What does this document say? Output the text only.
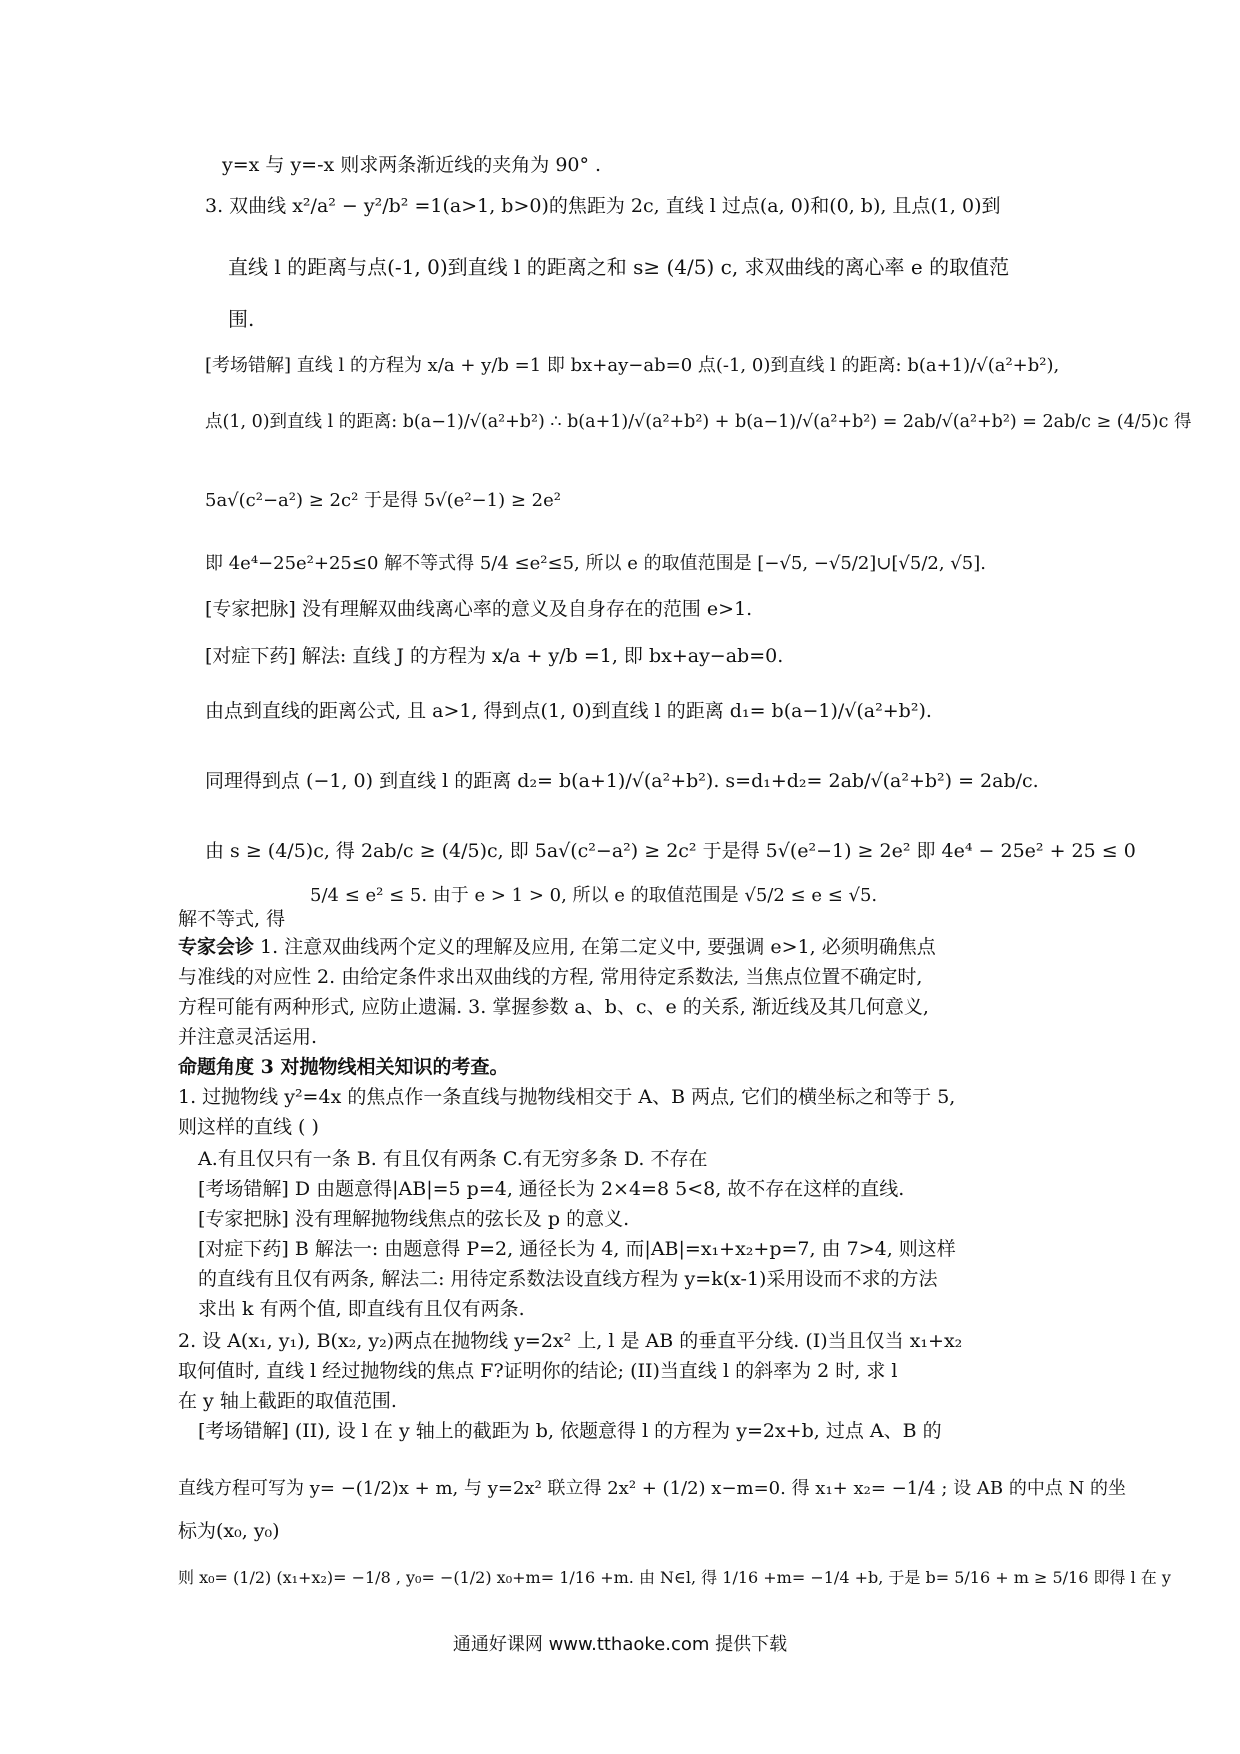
y=x 与 y=-x 则求两条渐近线的夹角为 90° .
3. 双曲线 x²/a² − y²/b² =1(a>1, b>0)的焦距为 2c, 直线 l 过点(a, 0)和(0, b), 且点(1, 0)到
直线 l 的距离与点(-1, 0)到直线 l 的距离之和 s≥ (4/5) c, 求双曲线的离心率 e 的取值范
围.
[考场错解] 直线 l 的方程为 x/a + y/b =1 即 bx+ay−ab=0 点(-1, 0)到直线 l 的距离: b(a+1)/√(a²+b²),
点(1, 0)到直线 l 的距离: b(a−1)/√(a²+b²) ∴ b(a+1)/√(a²+b²) + b(a−1)/√(a²+b²) = 2ab/√(a²+b²) = 2ab/c ≥ (4/5)c 得
5a√(c²−a²) ≥ 2c² 于是得 5√(e²−1) ≥ 2e²
即 4e⁴−25e²+25≤0 解不等式得 5/4 ≤e²≤5, 所以 e 的取值范围是 [−√5, −√5/2]∪[√5/2, √5].
[专家把脉] 没有理解双曲线离心率的意义及自身存在的范围 e>1.
[对症下药] 解法: 直线 J 的方程为 x/a + y/b =1, 即 bx+ay−ab=0.
由点到直线的距离公式, 且 a>1, 得到点(1, 0)到直线 l 的距离 d₁= b(a−1)/√(a²+b²).
同理得到点 (−1, 0) 到直线 l 的距离 d₂= b(a+1)/√(a²+b²). s=d₁+d₂= 2ab/√(a²+b²) = 2ab/c.
由 s ≥ (4/5)c, 得 2ab/c ≥ (4/5)c, 即 5a√(c²−a²) ≥ 2c² 于是得 5√(e²−1) ≥ 2e² 即 4e⁴ − 25e² + 25 ≤ 0
5/4 ≤ e² ≤ 5. 由于 e > 1 > 0, 所以 e 的取值范围是 √5/2 ≤ e ≤ √5.
解不等式, 得
专家会诊 1. 注意双曲线两个定义的理解及应用, 在第二定义中, 要强调 e>1, 必须明确焦点
与准线的对应性 2. 由给定条件求出双曲线的方程, 常用待定系数法, 当焦点位置不确定时,
方程可能有两种形式, 应防止遗漏. 3. 掌握参数 a、b、c、e 的关系, 渐近线及其几何意义,
并注意灵活运用.
命题角度 3 对抛物线相关知识的考查。
1. 过抛物线 y²=4x 的焦点作一条直线与抛物线相交于 A、B 两点, 它们的横坐标之和等于 5,
则这样的直线 ( )
A.有且仅只有一条 B. 有且仅有两条 C.有无穷多条 D. 不存在
[考场错解] D 由题意得|AB|=5 p=4, 通径长为 2×4=8 5<8, 故不存在这样的直线.
[专家把脉] 没有理解抛物线焦点的弦长及 p 的意义.
[对症下药] B 解法一: 由题意得 P=2, 通径长为 4, 而|AB|=x₁+x₂+p=7, 由 7>4, 则这样
的直线有且仅有两条, 解法二: 用待定系数法设直线方程为 y=k(x-1)采用设而不求的方法
求出 k 有两个值, 即直线有且仅有两条.
2. 设 A(x₁, y₁), B(x₂, y₂)两点在抛物线 y=2x² 上, l 是 AB 的垂直平分线. (I)当且仅当 x₁+x₂
取何值时, 直线 l 经过抛物线的焦点 F?证明你的结论; (II)当直线 l 的斜率为 2 时, 求 l
在 y 轴上截距的取值范围.
[考场错解] (II), 设 l 在 y 轴上的截距为 b, 依题意得 l 的方程为 y=2x+b, 过点 A、B 的
直线方程可写为 y= −(1/2)x + m, 与 y=2x² 联立得 2x² + (1/2) x−m=0. 得 x₁+ x₂= −1/4 ; 设 AB 的中点 N 的坐
标为(x₀, y₀)
则 x₀= (1/2) (x₁+x₂)= −1/8 , y₀= −(1/2) x₀+m= 1/16 +m. 由 N∈l, 得 1/16 +m= −1/4 +b, 于是 b= 5/16 + m ≥ 5/16 即得 l 在 y
通通好课网 www.tthaoke.com 提供下载
